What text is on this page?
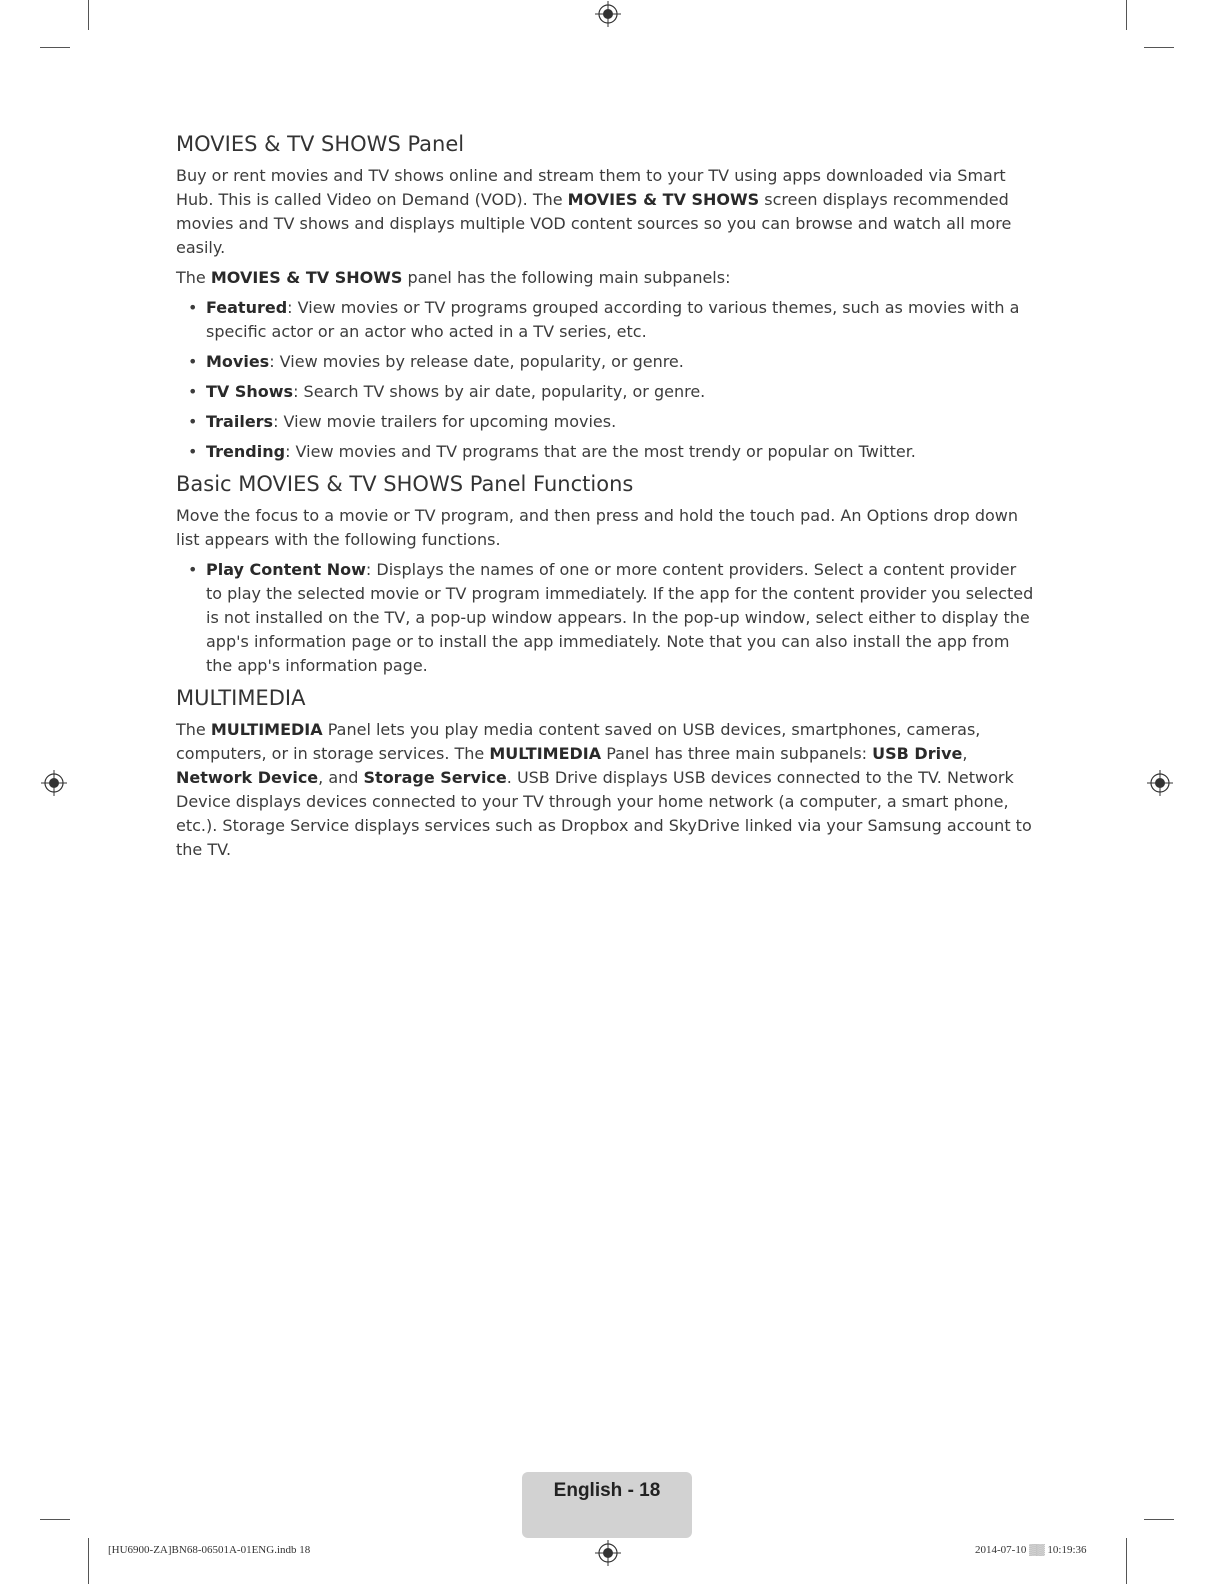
MOVIES & TV SHOWS Panel

Buy or rent movies and TV shows online and stream them to your TV using apps downloaded via Smart Hub. This is called Video on Demand (VOD). The MOVIES & TV SHOWS screen displays recommended movies and TV shows and displays multiple VOD content sources so you can browse and watch all more easily.

The MOVIES & TV SHOWS panel has the following main subpanels:

• Featured: View movies or TV programs grouped according to various themes, such as movies with a specific actor or an actor who acted in a TV series, etc.
• Movies: View movies by release date, popularity, or genre.
• TV Shows: Search TV shows by air date, popularity, or genre.
• Trailers: View movie trailers for upcoming movies.
• Trending: View movies and TV programs that are the most trendy or popular on Twitter.
Basic MOVIES & TV SHOWS Panel Functions

Move the focus to a movie or TV program, and then press and hold the touch pad. An Options drop down list appears with the following functions.

• Play Content Now: Displays the names of one or more content providers. Select a content provider to play the selected movie or TV program immediately. If the app for the content provider you selected is not installed on the TV, a pop-up window appears. In the pop-up window, select either to display the app's information page or to install the app immediately. Note that you can also install the app from the app's information page.
MULTIMEDIA

The MULTIMEDIA Panel lets you play media content saved on USB devices, smartphones, cameras, computers, or in storage services. The MULTIMEDIA Panel has three main subpanels: USB Drive, Network Device, and Storage Service. USB Drive displays USB devices connected to the TV. Network Device displays devices connected to your TV through your home network (a computer, a smart phone, etc.). Storage Service displays services such as Dropbox and SkyDrive linked via your Samsung account to the TV.

English - 18
[HU6900-ZA]BN68-06501A-01ENG.indb 18	2014-07-10 ▒▒ 10:19:36
